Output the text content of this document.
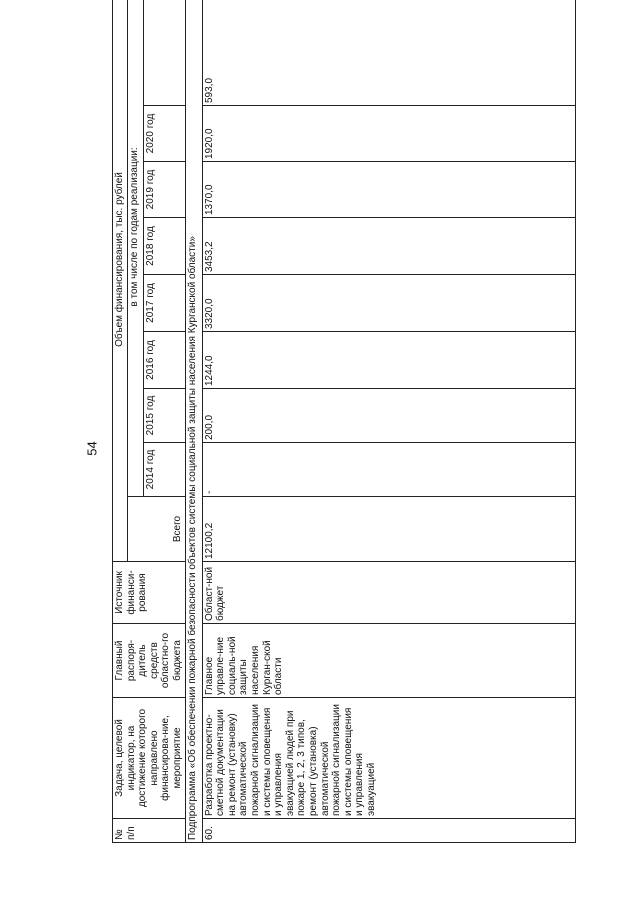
54
№ п/п	Задача, целевой индикатор, на достижение которого направлено финансирова-ние, мероприятие	Главный распоря-дитель средств областно-го бюджета	Источник финанси-рования	Объем финансирования, тыс. рублей								
				Всего	в том числе по годам реализации:							
					2014 год	2015 год	2016 год	2017 год	2018 год	2019 год	2020 год	
Подпрограмма «Об обеспечении пожарной безопасности объектов системы социальной защиты населения Курганской области»												
60.	Разработка проектно-сметной документации на ремонт (установку) автоматической пожарной сигнализации и системы оповещения и управления эвакуацией людей при пожаре 1, 2, 3 типов, ремонт (установка) автоматической пожарной сигнализации и системы оповещения и управления эвакуацией	Главное управле-ние социаль-ной защиты населения Курган-ской области	Област-ной бюджет	12100,2	-	200,0	1244,0	3320,0	3453,2	1370,0	1920,0	593,0
